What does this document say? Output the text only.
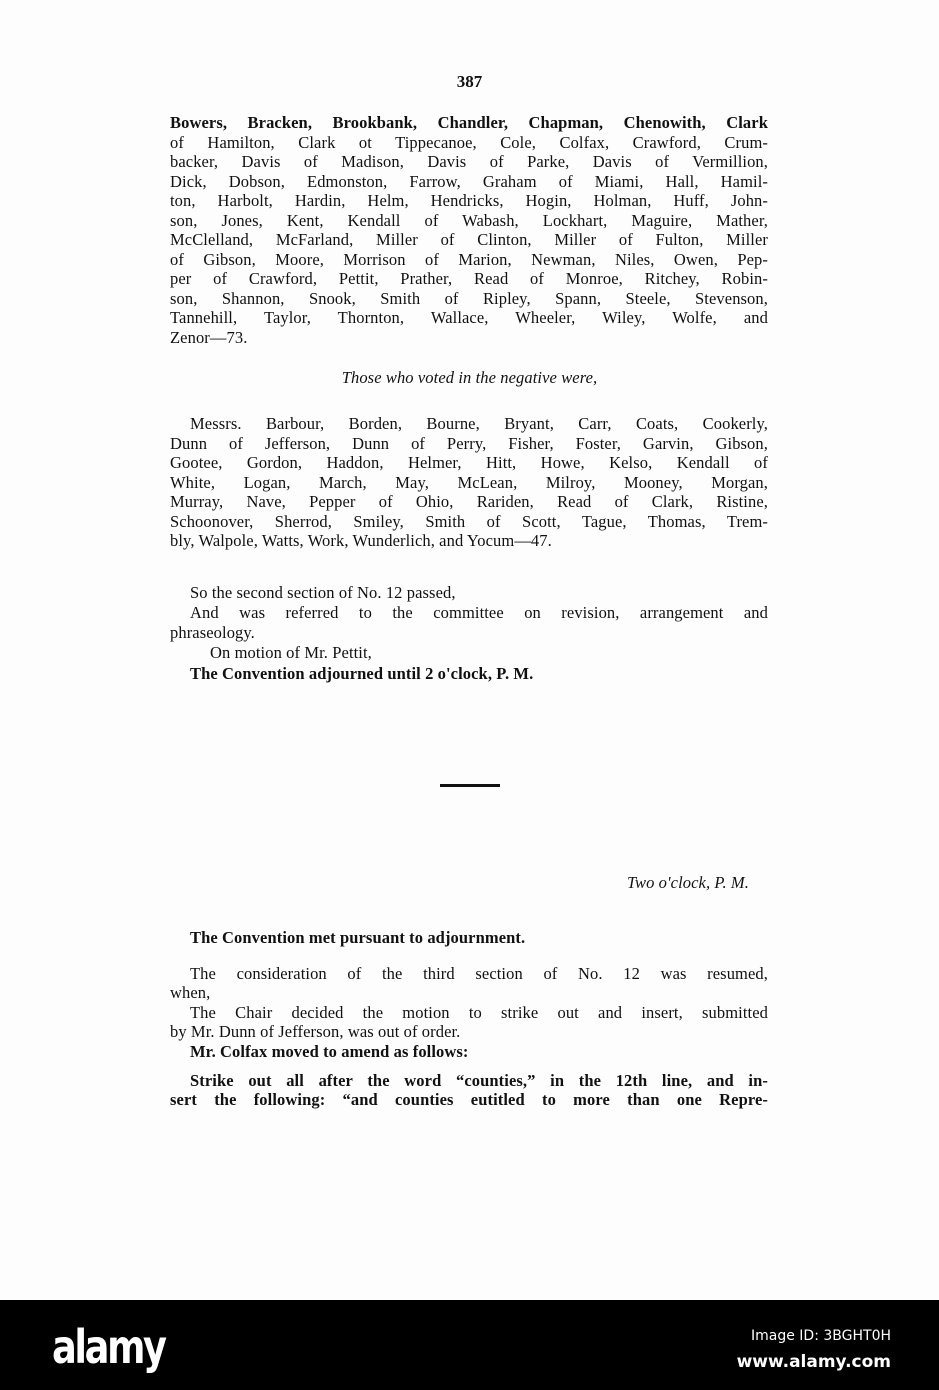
387
Bowers, Bracken, Brookbank, Chandler, Chapman, Chenowith, Clark
of Hamilton, Clark ot Tippecanoe, Cole, Colfax, Crawford, Crum-
backer, Davis of Madison, Davis of Parke, Davis of Vermillion,
Dick, Dobson, Edmonston, Farrow, Graham of Miami, Hall, Hamil-
ton, Harbolt, Hardin, Helm, Hendricks, Hogin, Holman, Huff, John-
son, Jones, Kent, Kendall of Wabash, Lockhart, Maguire, Mather,
McClelland, McFarland, Miller of Clinton, Miller of Fulton, Miller
of Gibson, Moore, Morrison of Marion, Newman, Niles, Owen, Pep-
per of Crawford, Pettit, Prather, Read of Monroe, Ritchey, Robin-
son, Shannon, Snook, Smith of Ripley, Spann, Steele, Stevenson,
Tannehill, Taylor, Thornton, Wallace, Wheeler, Wiley, Wolfe, and
Zenor—73.
Those who voted in the negative were,
Messrs. Barbour, Borden, Bourne, Bryant, Carr, Coats, Cookerly,
Dunn of Jefferson, Dunn of Perry, Fisher, Foster, Garvin, Gibson,
Gootee, Gordon, Haddon, Helmer, Hitt, Howe, Kelso, Kendall of
White, Logan, March, May, McLean, Milroy, Mooney, Morgan,
Murray, Nave, Pepper of Ohio, Rariden, Read of Clark, Ristine,
Schoonover, Sherrod, Smiley, Smith of Scott, Tague, Thomas, Trem-
bly, Walpole, Watts, Work, Wunderlich, and Yocum—47.
So the second section of No. 12 passed,
And was referred to the committee on revision, arrangement and
phraseology.
On motion of Mr. Pettit,
The Convention adjourned until 2 o'clock, P. M.
Two o'clock, P. M.
The Convention met pursuant to adjournment.
The consideration of the third section of No. 12 was resumed,
when,
The Chair decided the motion to strike out and insert, submitted
by Mr. Dunn of Jefferson, was out of order.
Mr. Colfax moved to amend as follows:
Strike out all after the word “counties,” in the 12th line, and in-
sert the following: “and counties eutitled to more than one Repre-
alamy	Image ID: 3BGHT0H
www.alamy.com
